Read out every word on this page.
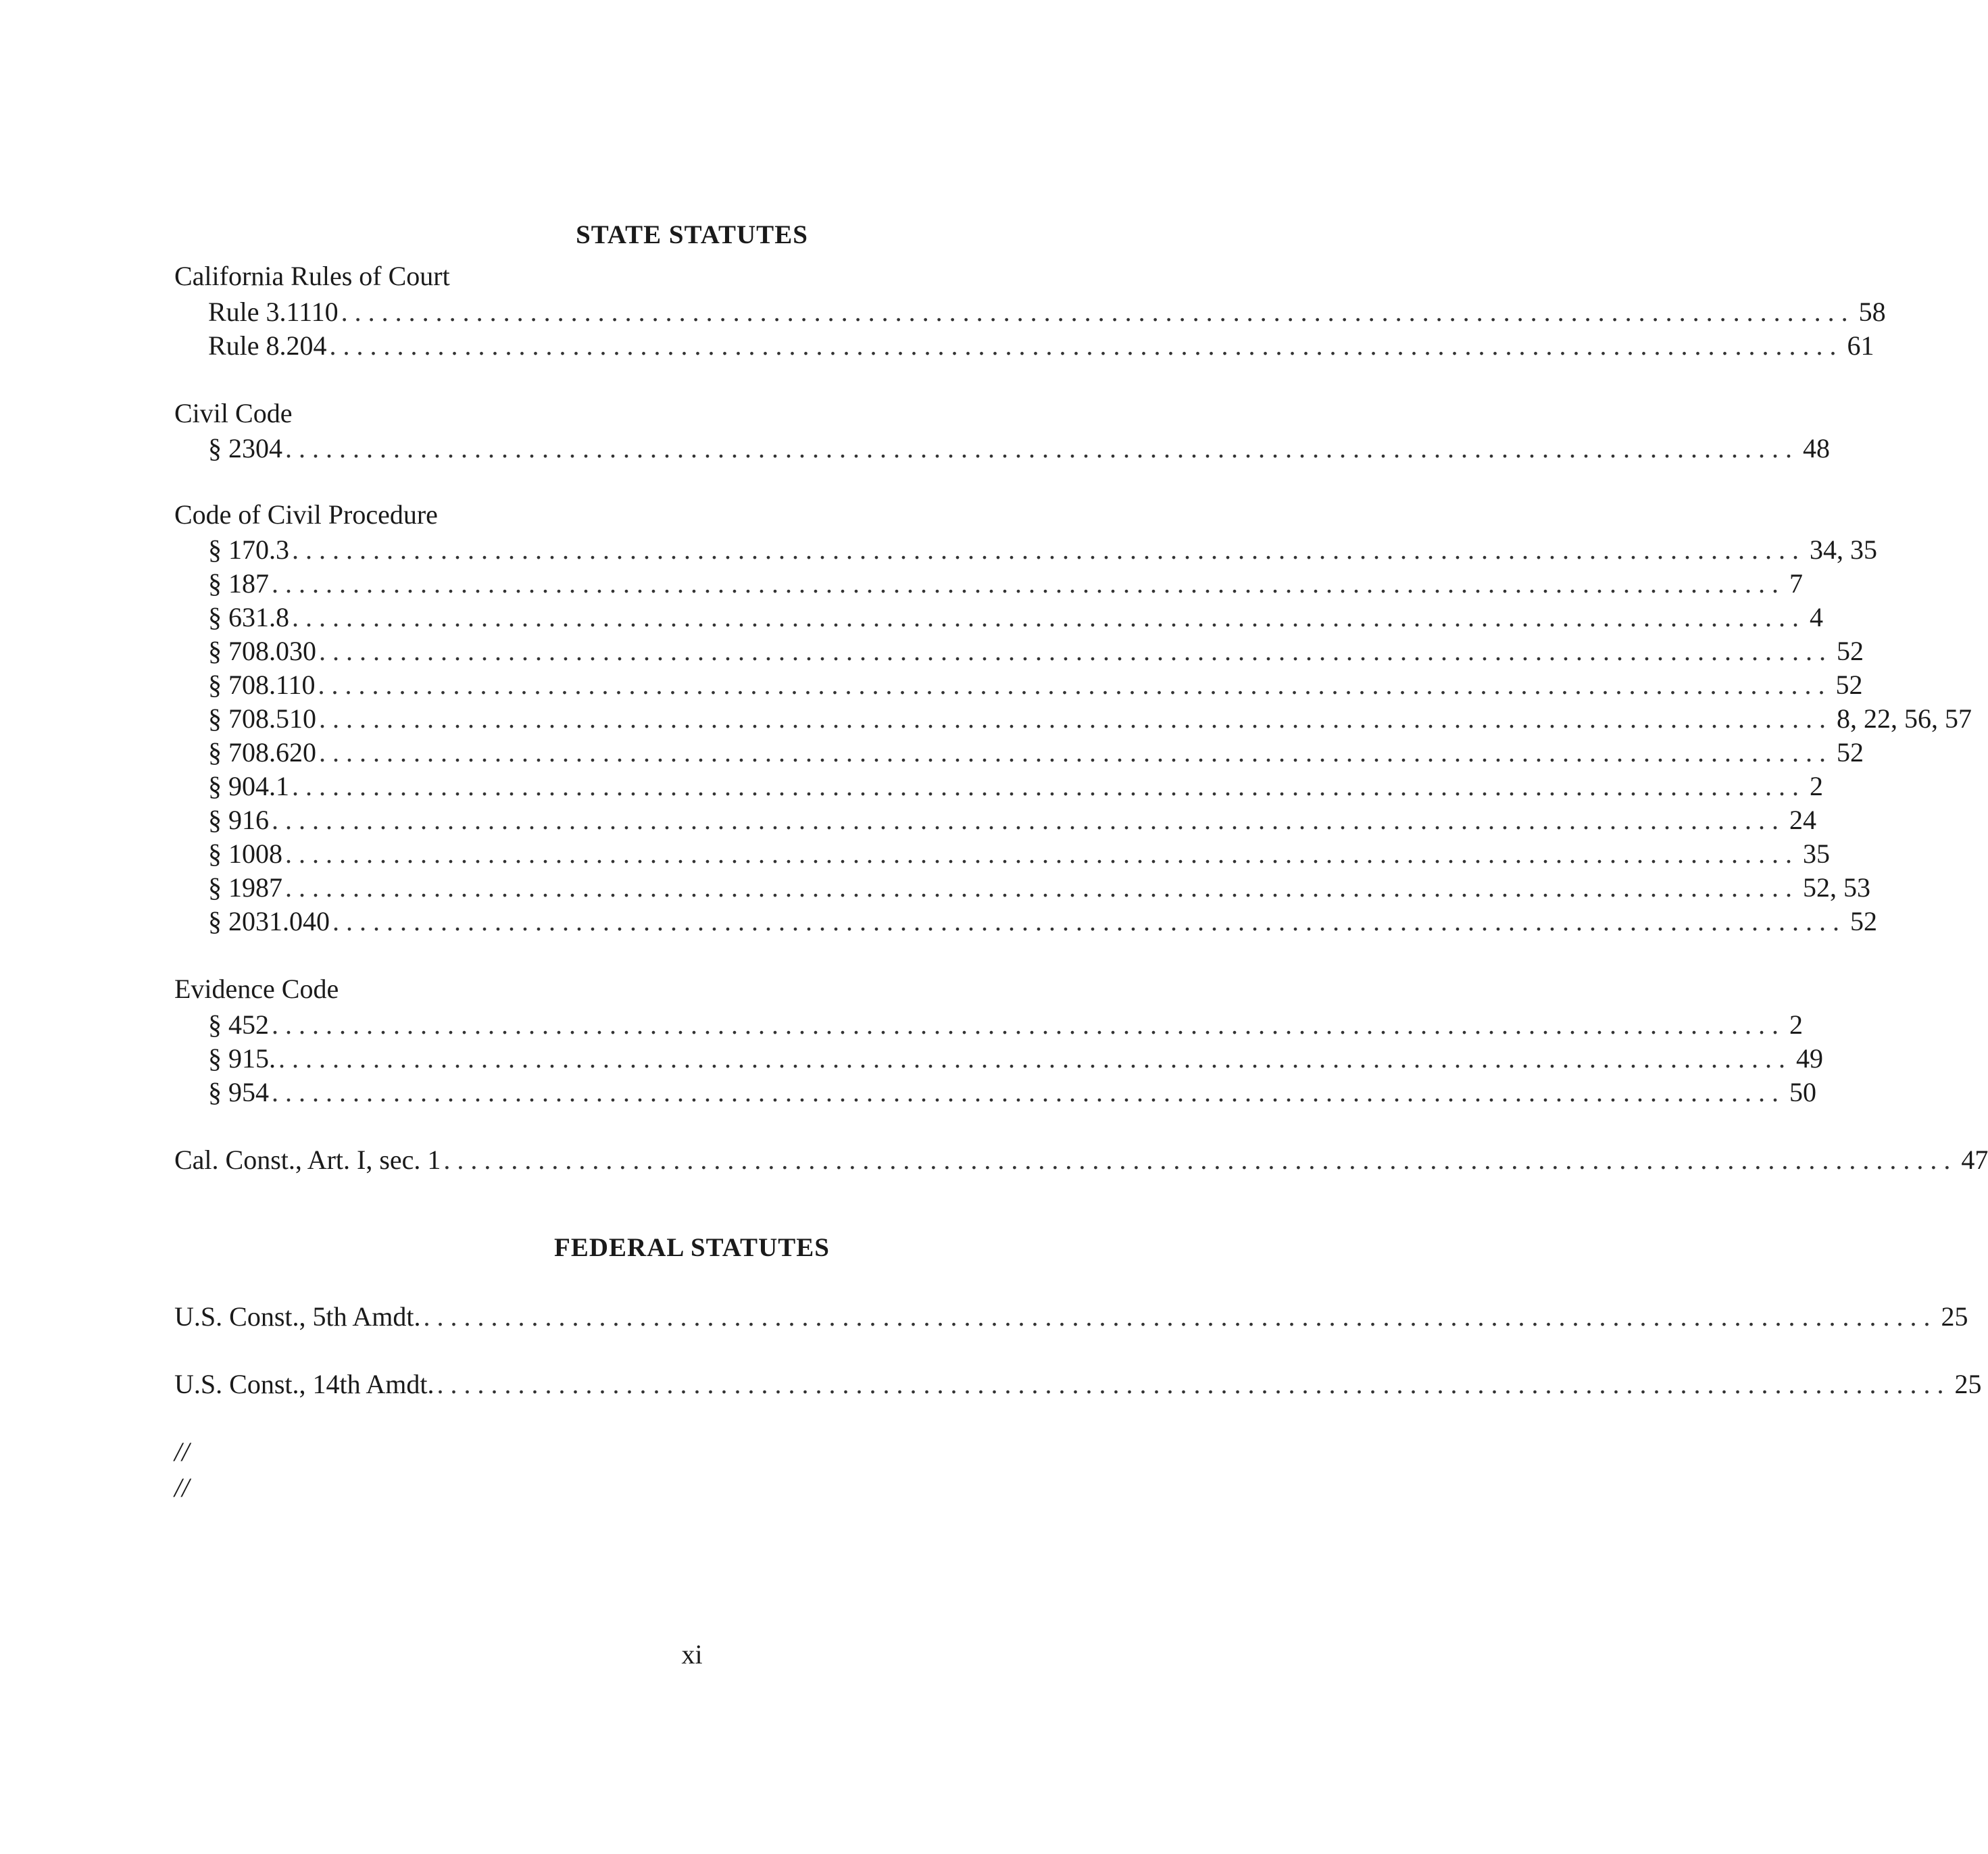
STATE STATUTES
California Rules of Court
Rule 3.1110 ................................................................................................................ 58
Rule 8.204 ................................................................................................................ 61
Civil Code
§ 2304 ................................................................................................................ 48
Code of Civil Procedure
§ 170.3 ................................................................................................................ 34, 35
§ 187 ................................................................................................................ 7
§ 631.8 ................................................................................................................ 4
§ 708.030 ................................................................................................................ 52
§ 708.110 ................................................................................................................ 52
§ 708.510 ................................................................................................................ 8, 22, 56, 57
§ 708.620 ................................................................................................................ 52
§ 904.1 ................................................................................................................ 2
§ 916 ................................................................................................................ 24
§ 1008 ................................................................................................................ 35
§ 1987 ................................................................................................................ 52, 53
§ 2031.040 ................................................................................................................ 52
Evidence Code
§ 452 ................................................................................................................ 2
§ 915. ................................................................................................................ 49
§ 954 ................................................................................................................ 50
Cal. Const., Art. I, sec. 1 ................................................................................................................ 47
FEDERAL STATUTES
U.S. Const., 5th Amdt. ................................................................................................................ 25
U.S. Const., 14th Amdt. ................................................................................................................ 25
//
//
xi
